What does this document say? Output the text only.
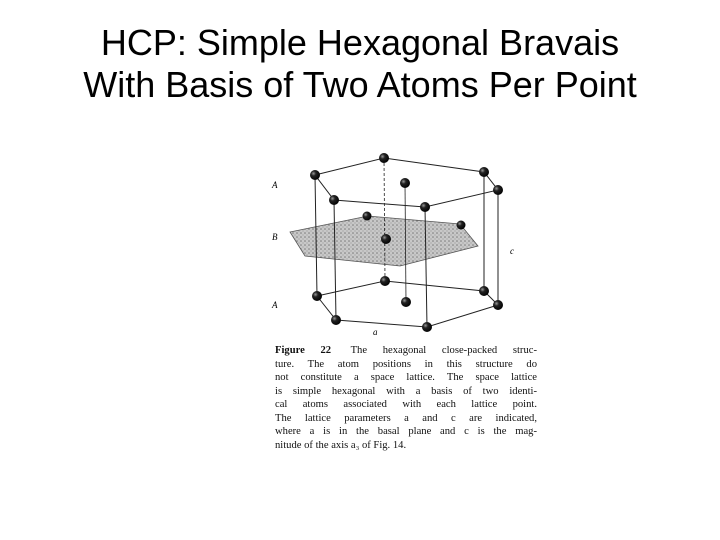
HCP: Simple Hexagonal Bravais
With Basis of Two Atoms Per Point
A
B
A
c
a
Figure 22 The hexagonal close-packed struc-
ture. The atom positions in this structure do
not constitute a space lattice. The space lattice
is simple hexagonal with a basis of two identi-
cal atoms associated with each lattice point.
The lattice parameters a and c are indicated,
where a is in the basal plane and c is the mag-
nitude of the axis a₃ of Fig. 14.
